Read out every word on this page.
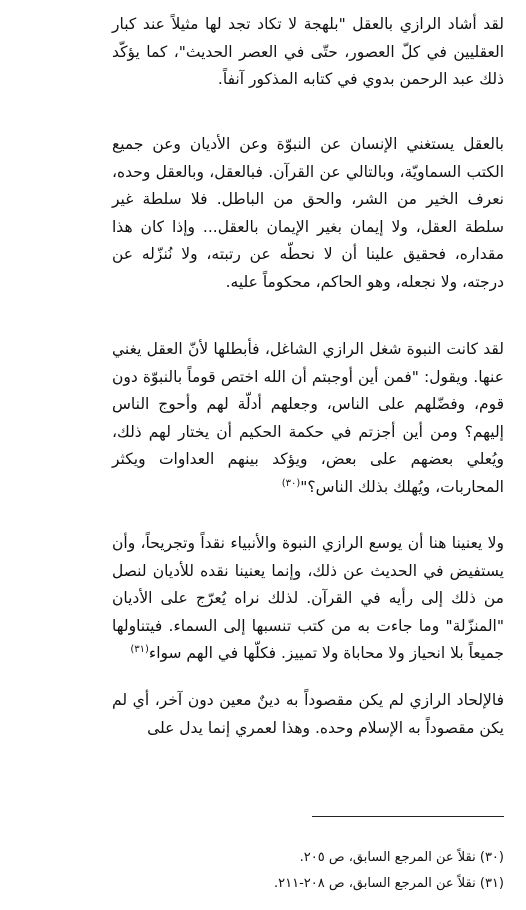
لقد أشاد الرازي بالعقل "بلهجة لا تكاد تجد لها مثيلاً عند كبار العقليين في كلّ العصور، حتّى في العصر الحديث"، كما يؤكّد ذلك عبد الرحمن بدوي في كتابه المذكور آنفاً.

بالعقل يستغني الإنسان عن النبوّة وعن الأديان وعن جميع الكتب السماويّة، وبالتالي عن القرآن. فبالعقل، وبالعقل وحده، نعرف الخير من الشر، والحق من الباطل. فلا سلطة غير سلطة العقل، ولا إيمان بغير الإيمان بالعقل... وإذا كان هذا مقداره، فحقيق علينا أن لا نحطّه عن رتبته، ولا نُنزّله عن درجته، ولا نجعله، وهو الحاكم، محكوماً عليه.

لقد كانت النبوة شغل الرازي الشاغل، فأبطلها لأنّ العقل يغني عنها. ويقول: "فمن أين أوجبتم أن الله اختص قوماً بالنبوّة دون قوم، وفضّلهم على الناس، وجعلهم أدلّة لهم وأحوج الناس إليهم؟ ومن أين أجزتم في حكمة الحكيم أن يختار لهم ذلك، ويُعلي بعضهم على بعض، ويؤكد بينهم العداوات ويكثر المحاربات، ويُهلك بذلك الناس؟"$^{(٣٠)}$

ولا يعنينا هنا أن يوسع الرازي النبوة والأنبياء نقداً وتجريحاً، وأن يستفيض في الحديث عن ذلك، وإنما يعنينا نقده للأديان لنصل من ذلك إلى رأيه في القرآن. لذلك نراه يُعرّج على الأديان "المنزّلة" وما جاءت به من كتب تنسبها إلى السماء. فيتناولها جميعاً بلا انحياز ولا محاباة ولا تمييز. فكلّها في الهم سواء$^{(٣١)}$

فالإلحاد الرازي لم يكن مقصوداً به دينٌ معين دون آخر، أي لم يكن مقصوداً به الإسلام وحده. وهذا لعمري إنما يدل على

(٣٠) نقلاً عن المرجع السابق، ص ٢٠٥.

(٣١) نقلاً عن المرجع السابق، ص ٢٠٨-٢١١.
